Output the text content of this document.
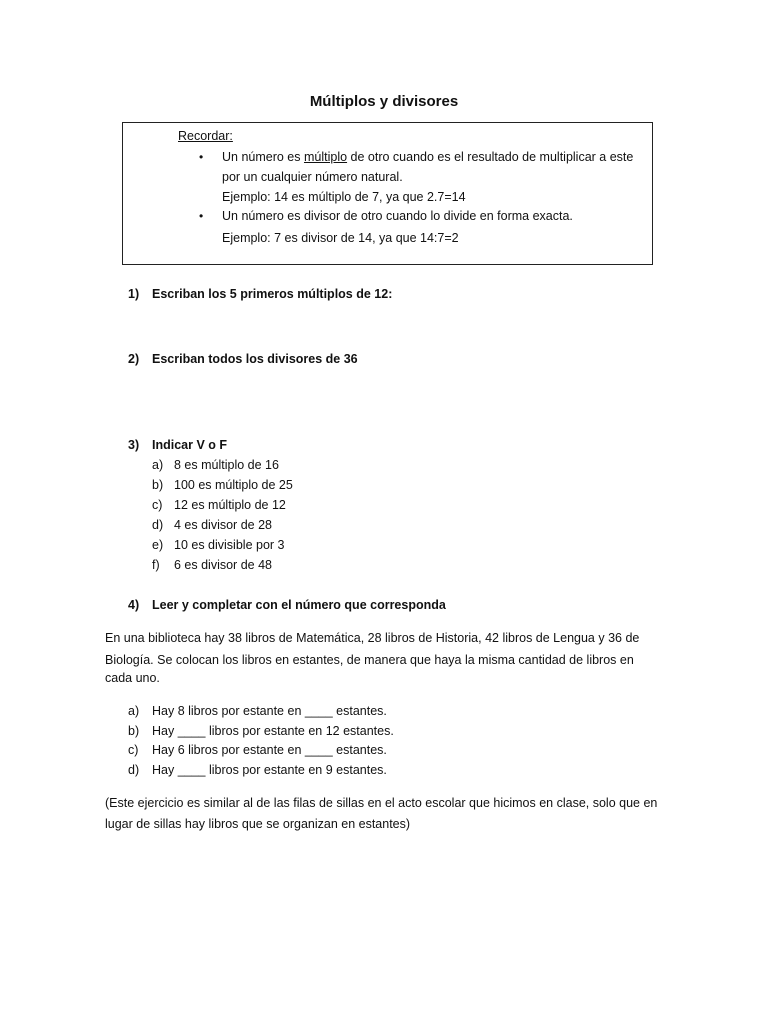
Múltiplos y divisores
Recordar:
• Un número es múltiplo de otro cuando es el resultado de multiplicar a este
por un cualquier número natural.
Ejemplo: 14 es múltiplo de 7, ya que 2.7=14
• Un número es divisor de otro cuando lo divide en forma exacta.
Ejemplo: 7 es divisor de 14, ya que 14:7=2
1) Escriban los 5 primeros múltiplos de 12:
2) Escriban todos los divisores de 36
3) Indicar V o F
a) 8 es múltiplo de 16
b) 100 es múltiplo de 25
c) 12 es múltiplo de 12
d) 4 es divisor de 28
e) 10 es divisible por 3
f) 6 es divisor de 48
4) Leer y completar con el número que corresponda
En una biblioteca hay 38 libros de Matemática, 28 libros de Historia, 42 libros de Lengua y 36 de
Biología. Se colocan los libros en estantes, de manera que haya la misma cantidad de libros en
cada uno.
a) Hay 8 libros por estante en ____ estantes.
b) Hay ____ libros por estante en 12 estantes.
c) Hay 6 libros por estante en ____ estantes.
d) Hay ____ libros por estante en 9 estantes.
(Este ejercicio es similar al de las filas de sillas en el acto escolar que hicimos en clase, solo que en
lugar de sillas hay libros que se organizan en estantes)
